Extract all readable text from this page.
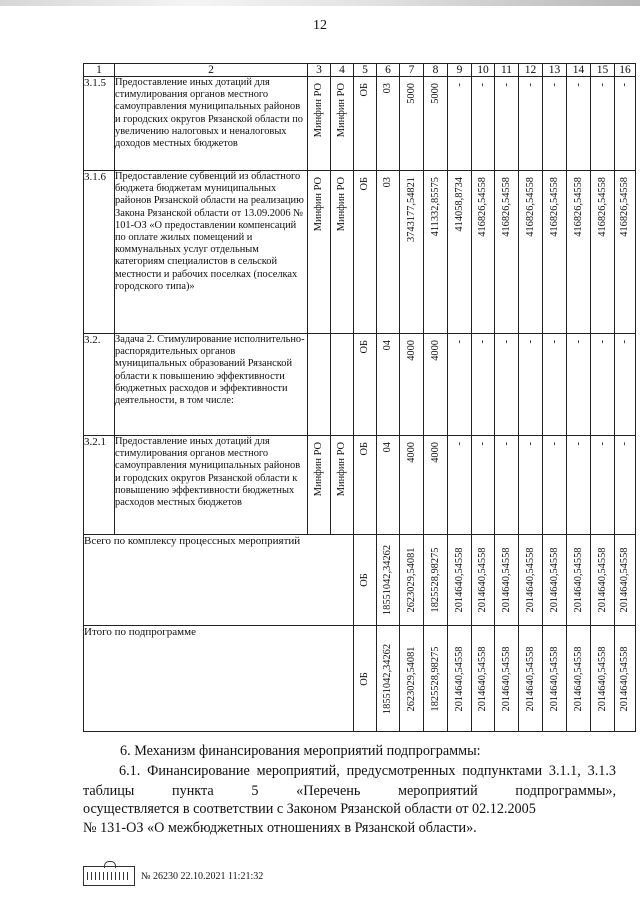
12
1	2	3	4	5	6	7	8	9	10	11	12	13	14	15	16
3.1.5	Предоставление иных дотаций для стимулирования органов местного самоуправления муниципальных районов и городских округов Рязанской области по увеличению налоговых и неналоговых доходов местных бюджетов	Минфин РО	Минфин РО	ОБ	03	5000	5000	-	-	-	-	-	-	-	-

3.1.6	Предоставление субвенций из областного бюджета бюджетам муниципальных районов Рязанской области на реализацию Закона Рязанской области от 13.09.2006 № 101-ОЗ «О предоставлении компенсаций по оплате жилых помещений и коммунальных услуг отдельным категориям специалистов в сельской местности и рабочих поселках (поселках городского типа)»	Минфин РО	Минфин РО	ОБ	03	3743177,54821	411332,85575	414058,8734	416826,54558	416826,54558	416826,54558	416826,54558	416826,54558	416826,54558	416826,54558

3.2.	Задача 2. Стимулирование исполнительно-распорядительных органов муниципальных образований Рязанской области к повышению эффективности бюджетных расходов и эффективности деятельности, в том числе:			ОБ	04	4000	4000	-	-	-	-	-	-	-	-

3.2.1	Предоставление иных дотаций для стимулирования органов местного самоуправления муниципальных районов и городских округов Рязанской области к повышению эффективности бюджетных расходов местных бюджетов	Минфин РО	Минфин РО	ОБ	04	4000	4000	-	-	-	-	-	-	-	-

Всего по комплексу процессных мероприятий				ОБ	18551042,34262	2623029,54081	1825528,98275	2014640,54558	2014640,54558	2014640,54558	2014640,54558	2014640,54558	2014640,54558	2014640,54558	2014640,54558

Итого по подпрограмме				ОБ	18551042,34262	2623029,54081	1825528,98275	2014640,54558	2014640,54558	2014640,54558	2014640,54558	2014640,54558	2014640,54558	2014640,54558	2014640,54558
6. Механизм финансирования мероприятий подпрограммы:
6.1. Финансирование мероприятий, предусмотренных подпунктами 3.1.1, 3.1.3 таблицы пункта 5 «Перечень мероприятий подпрограммы»,
осуществляется в соответствии с Законом Рязанской области от 02.12.2005
№ 131-ОЗ «О межбюджетных отношениях в Рязанской области».
№ 26230 22.10.2021 11:21:32
